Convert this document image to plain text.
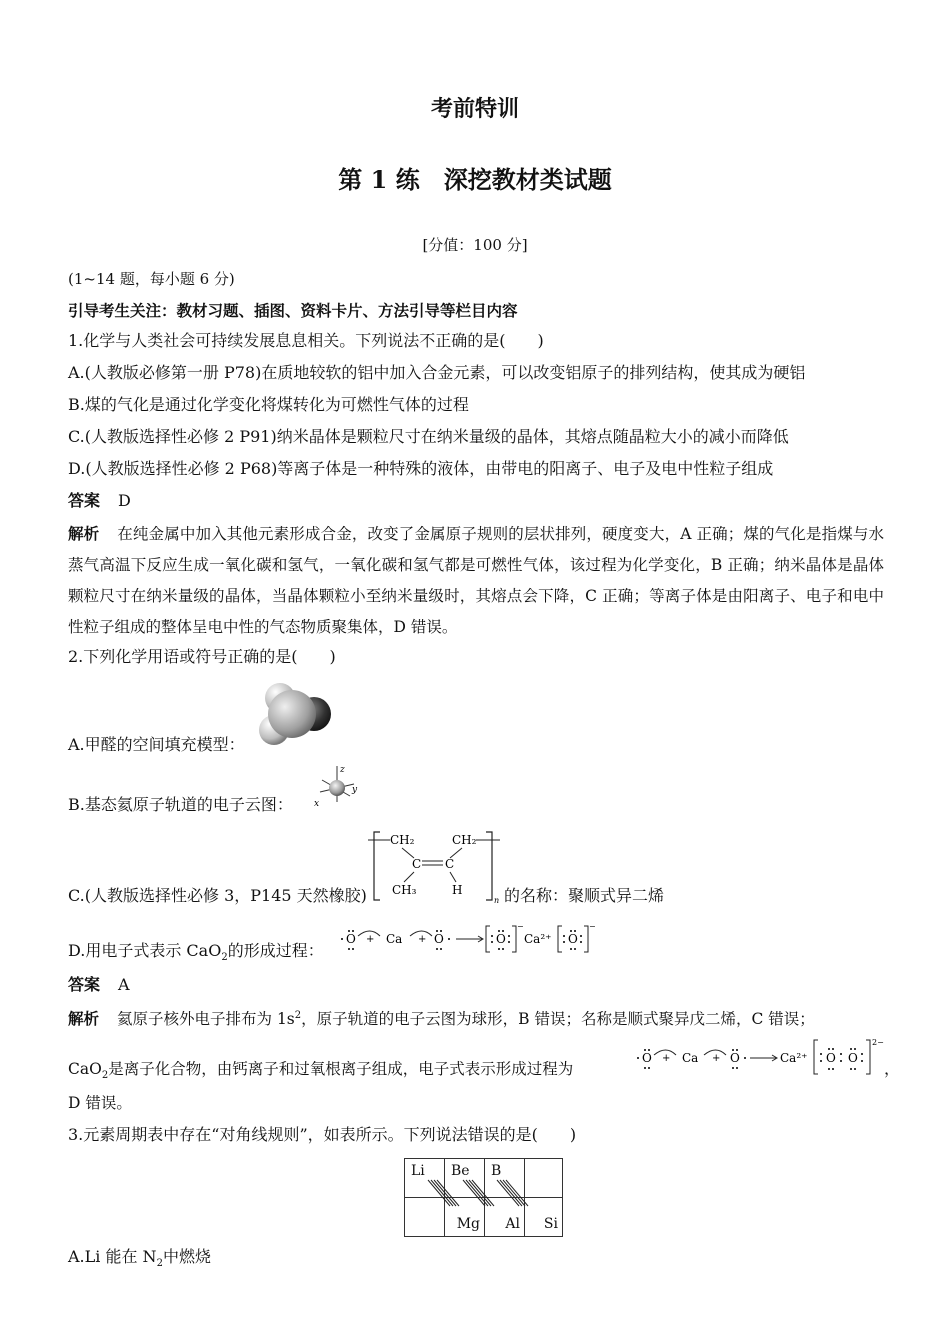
考前特训
第 1 练　深挖教材类试题
[分值：100 分]
(1~14 题，每小题 6 分)
引导考生关注：教材习题、插图、资料卡片、方法引导等栏目内容
1.化学与人类社会可持续发展息息相关。下列说法不正确的是(　　)
A.(人教版必修第一册 P78)在质地较软的铝中加入合金元素，可以改变铝原子的排列结构，使其成为硬铝
B.煤的气化是通过化学变化将煤转化为可燃性气体的过程
C.(人教版选择性必修 2 P91)纳米晶体是颗粒尺寸在纳米量级的晶体，其熔点随晶粒大小的减小而降低
D.(人教版选择性必修 2 P68)等离子体是一种特殊的液体，由带电的阳离子、电子及电中性粒子组成
答案 D
解析 在纯金属中加入其他元素形成合金，改变了金属原子规则的层状排列，硬度变大，A 正确；煤的气化是指煤与水蒸气高温下反应生成一氧化碳和氢气，一氧化碳和氢气都是可燃性气体，该过程为化学变化，B 正确；纳米晶体是晶体颗粒尺寸在纳米量级的晶体，当晶体颗粒小至纳米量级时，其熔点会下降，C 正确；等离子体是由阳离子、电子和电中性粒子组成的整体呈电中性的气态物质聚集体，D 错误。
2.下列化学用语或符号正确的是(　　)
A.甲醛的空间填充模型：
B.基态氦原子轨道的电子云图：
z
y
x
C.(人教版选择性必修 3，P145 天然橡胶)
CH₂	CH₂
C C
CH₃	H
n 的名称：聚顺式异二烯
D.用电子式表示 CaO$_2$的形成过程：
O + Ca + O	O
−
Ca²⁺ O
−
答案 A
解析 氦原子核外电子排布为 $1s^2$，原子轨道的电子云图为球形，B 错误；名称是顺式聚异戊二烯，C 错误；
CaO$_2$是离子化合物，由钙离子和过氧根离子组成，电子式表示形成过程为
O + Ca + O	Ca²⁺ O O
2−
，
D 错误。
3.元素周期表中存在“对角线规则”，如表所示。下列说法错误的是(　　)
Li	Be	B	
	Mg	Al	Si
A.Li 能在 $N_2$中燃烧
